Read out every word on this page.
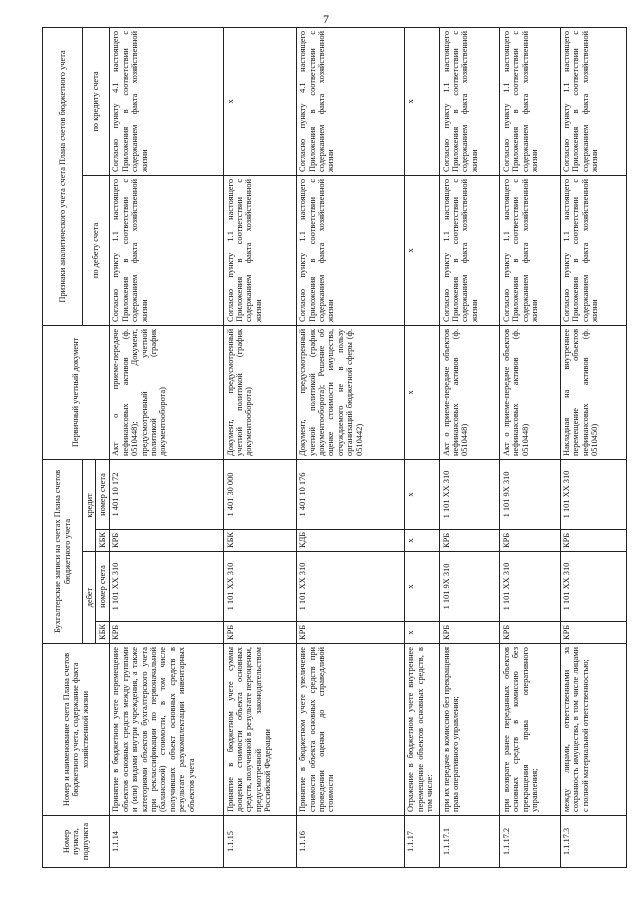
7
Номер пункта, подпункта	Номер и наименование счета Плана счетов бюджетного учета, содержание факта хозяйственной жизни	Бухгалтерские записи на счетах Плана счетов бюджетного учета				Первичный учетный документ	Признаки аналитического учета счета Плана счетов бюджетного учета	
		дебет		кредит			по дебету счета	по кредиту счета
		КБК	номер счета	КБК	номер счета			
1.1.14	Принятие в бюджетном учете перемещение объектов основных средств между группами и (или) видами внутри учреждения, а также категориями объектов бухгалтерского учета при реклассификации по первоначальной (балансовой) стоимости, в том числе получивших объект основных средств в результате разукомплектации инвентарных объектов учета	КРБ	1 101 XX 310	КРБ	1 401 10 172	Акт о приеме-передаче нефинансовых активов (ф. 0510448); Документ, предусмотренный учетной политикой (график документооборота)	Согласно пункту 1.1 настоящего Приложения в соответствии с содержанием факта хозяйственной жизни	Согласно пункту 4.1 настоящего Приложения в соответствии с содержанием факта хозяйственной жизни
1.1.15	Принятие в бюджетном учете суммы дооценки стоимости объекта основных средств, полученной в результате переоценки, предусмотренной законодательством Российской Федерации	КРБ	1 101 XX 310	КБК	1 401 30 000	Документ, предусмотренный учетной политикой (график документооборота)	Согласно пункту 1.1 настоящего Приложения в соответствии с содержанием факта хозяйственной жизни	х
1.1.16	Принятие в бюджетном учете увеличение стоимости объекта основных средств при проведении оценки до справедливой стоимости	КРБ	1 101 XX 310	КДБ	1 401 10 176	Документ, предусмотренный учетной политикой (график документооборота); Решение об оценке стоимости имущества, отчуждаемого не в пользу организаций бюджетной сферы (ф. 0510442)	Согласно пункту 1.1 настоящего Приложения в соответствии с содержанием факта хозяйственной жизни	Согласно пункту 4.1 настоящего Приложения в соответствии с содержанием факта хозяйственной жизни
1.1.17	Отражение в бюджетном учете внутреннее перемещение объектов основных средств, в том числе:	х	х	х	х	х	х	х
1.1.17.1	при их передаче в комиссию без прекращения права оперативного управления;	КРБ	1 101 9X 310	КРБ	1 101 XX 310	Акт о приеме-передаче объектов нефинансовых активов (ф. 0510448)	Согласно пункту 1.1 настоящего Приложения в соответствии с содержанием факта хозяйственной жизни	Согласно пункту 1.1 настоящего Приложения в соответствии с содержанием факта хозяйственной жизни
1.1.17.2	при возврате ранее переданных объектов основных средств в комиссию без прекращения права оперативного управления;	КРБ	1 101 XX 310	КРБ	1 101 9X 310	Акт о приеме-передаче объектов нефинансовых активов (ф. 0510448)	Согласно пункту 1.1 настоящего Приложения в соответствии с содержанием факта хозяйственной жизни	Согласно пункту 1.1 настоящего Приложения в соответствии с содержанием факта хозяйственной жизни
1.1.17.3	между лицами, ответственными за сохранность имущества, в том числе лицами с полной материальной ответственностью;	КРБ	1 101 XX 310	КРБ	1 101 XX 310	Накладная на внутреннее перемещение объектов нефинансовых активов (ф. 0510450)	Согласно пункту 1.1 настоящего Приложения в соответствии с содержанием факта хозяйственной жизни	Согласно пункту 1.1 настоящего Приложения в соответствии с содержанием факта хозяйственной жизни
